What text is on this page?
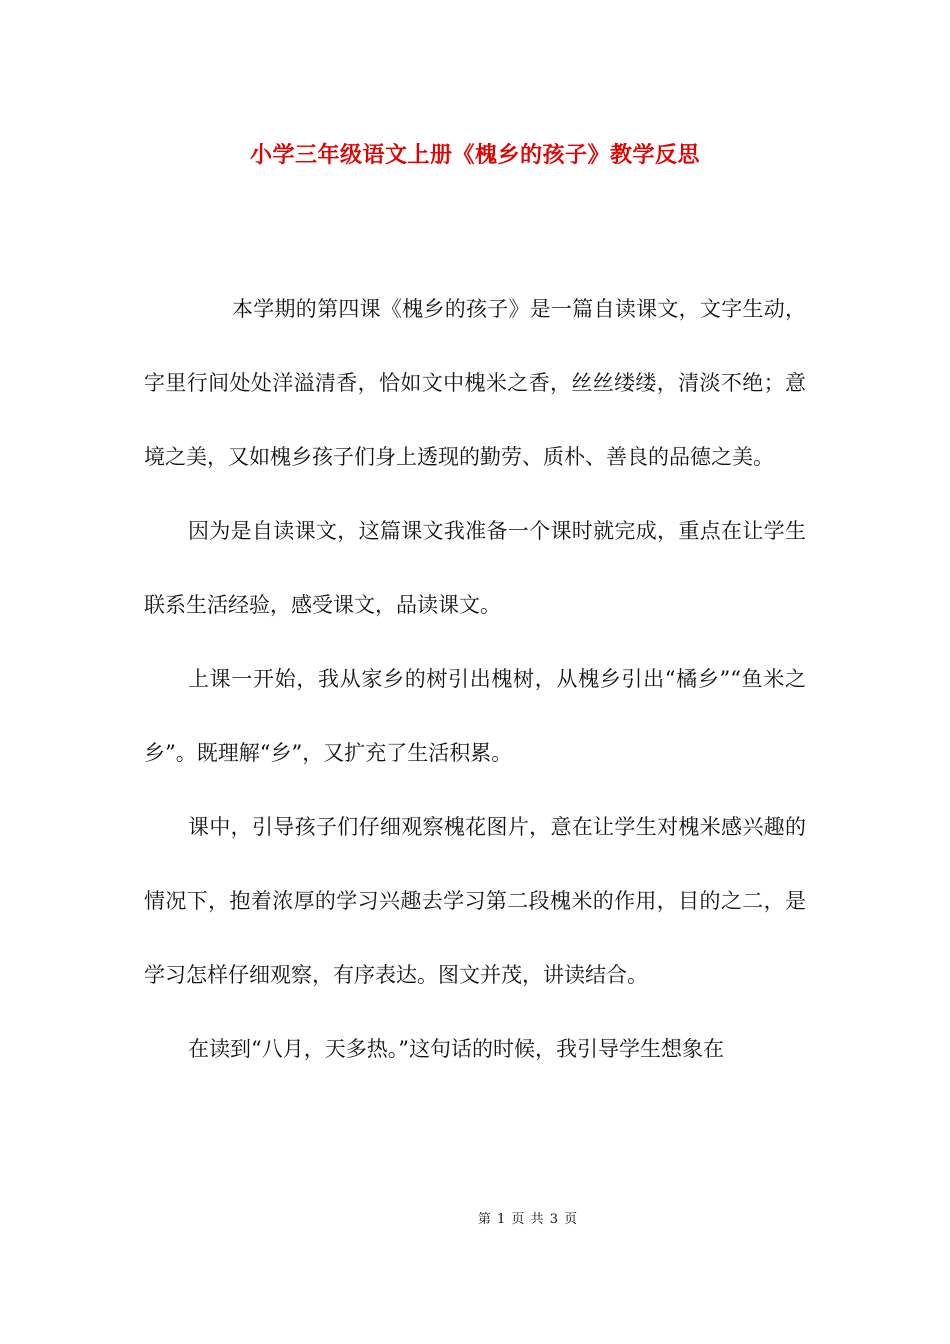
小学三年级语文上册《槐乡的孩子》教学反思

本学期的第四课《槐乡的孩子》是一篇自读课文，文字生动，字里行间处处洋溢清香，恰如文中槐米之香，丝丝缕缕，清淡不绝；意境之美，又如槐乡孩子们身上透现的勤劳、质朴、善良的品德之美。

因为是自读课文，这篇课文我准备一个课时就完成，重点在让学生联系生活经验，感受课文，品读课文。

上课一开始，我从家乡的树引出槐树，从槐乡引出“橘乡”“鱼米之乡”。既理解“乡”，又扩充了生活积累。

课中，引导孩子们仔细观察槐花图片，意在让学生对槐米感兴趣的情况下，抱着浓厚的学习兴趣去学习第二段槐米的作用，目的之二，是学习怎样仔细观察，有序表达。图文并茂，讲读结合。

在读到“八月，天多热。”这句话的时候，我引导学生想象在

第 1 页 共 3 页
